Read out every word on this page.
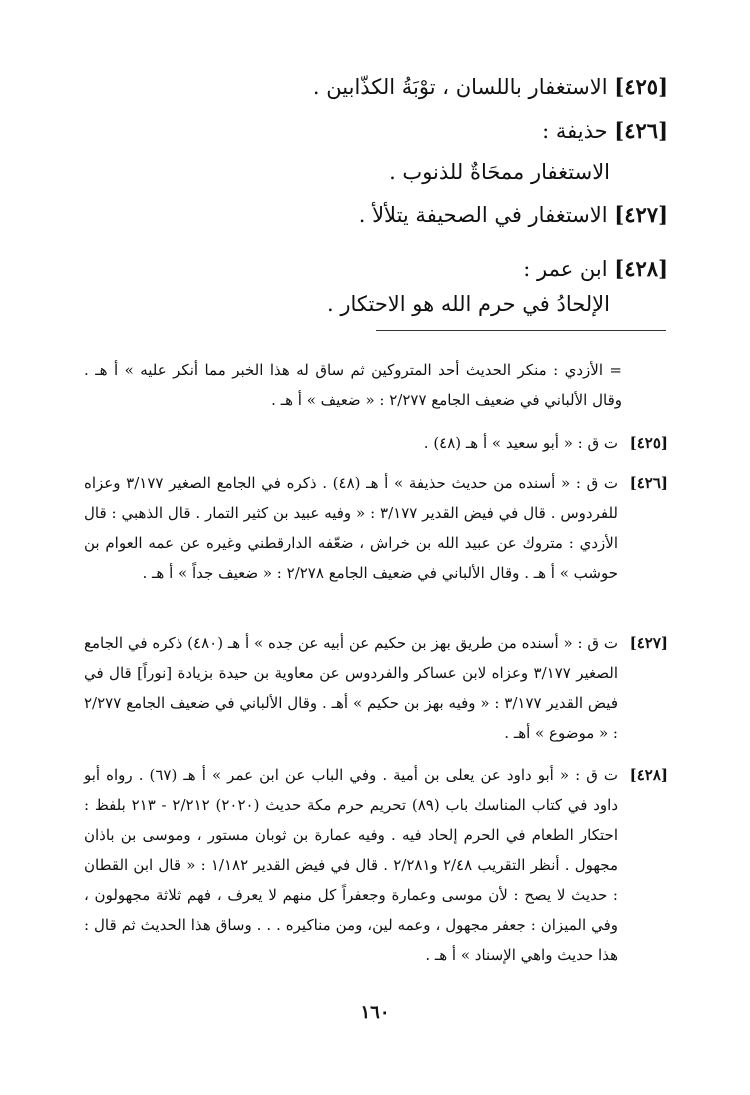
[٤٢٥] الاستغفار باللسان ، توْبَةُ الكذّابين .
[٤٢٦] حذيفة :
الاستغفار ممحَاةٌ للذنوب .
[٤٢٧] الاستغفار في الصحيفة يتلألأ .
[٤٢٨] ابن عمر :
الإلحادُ في حرم الله هو الاحتكار .
= الأزدي : منكر الحديث أحد المتروكين ثم ساق له هذا الخبر مما أنكر عليه » أ هـ . وقال الألباني في ضعيف الجامع ٢/٢٧٧ : « ضعيف » أ هـ .
[٤٢٥]
ت ق : « أبو سعيد » أ هـ (٤٨) .
[٤٢٦]
ت ق : « أسنده من حديث حذيفة » أ هـ (٤٨) . ذكره في الجامع الصغير ٣/١٧٧ وعزاه للفردوس . قال في فيض القدير ٣/١٧٧ : « وفيه عبيد بن كثير التمار . قال الذهبي : قال الأزدي : متروك عن عبيد الله بن خراش ، ضعّفه الدارقطني وغيره عن عمه العوام بن حوشب » أ هـ . وقال الألباني في ضعيف الجامع ٢/٢٧٨ : « ضعيف جداً » أ هـ .
[٤٢٧]
ت ق : « أسنده من طريق بهز بن حكيم عن أبيه عن جده » أ هـ (٤٨٠) ذكره في الجامع الصغير ٣/١٧٧ وعزاه لابن عساكر والفردوس عن معاوية بن حيدة بزيادة [نوراً] قال في فيض القدير ٣/١٧٧ : « وفيه بهز بن حكيم » أهـ . وقال الألباني في ضعيف الجامع ٢/٢٧٧ : « موضوع » أهـ .
[٤٢٨]
ت ق : « أبو داود عن يعلى بن أمية . وفي الباب عن ابن عمر » أ هـ (٦٧) . رواه أبو داود في كتاب المناسك باب (٨٩) تحريم حرم مكة حديث (٢٠٢٠) ٢/٢١٢ - ٢١٣ بلفظ : احتكار الطعام في الحرم إلحاد فيه . وفيه عمارة بن ثوبان مستور ، وموسى بن باذان مجهول . أنظر التقريب ٢/٤٨ و٢/٢٨١ . قال في فيض القدير ١/١٨٢ : « قال ابن القطان : حديث لا يصح : لأن موسى وعمارة وجعفراً كل منهم لا يعرف ، فهم ثلاثة مجهولون ، وفي الميزان : جعفر مجهول ، وعمه لين، ومن مناكيره . . . وساق هذا الحديث ثم قال : هذا حديث واهي الإسناد » أ هـ .
١٦٠
